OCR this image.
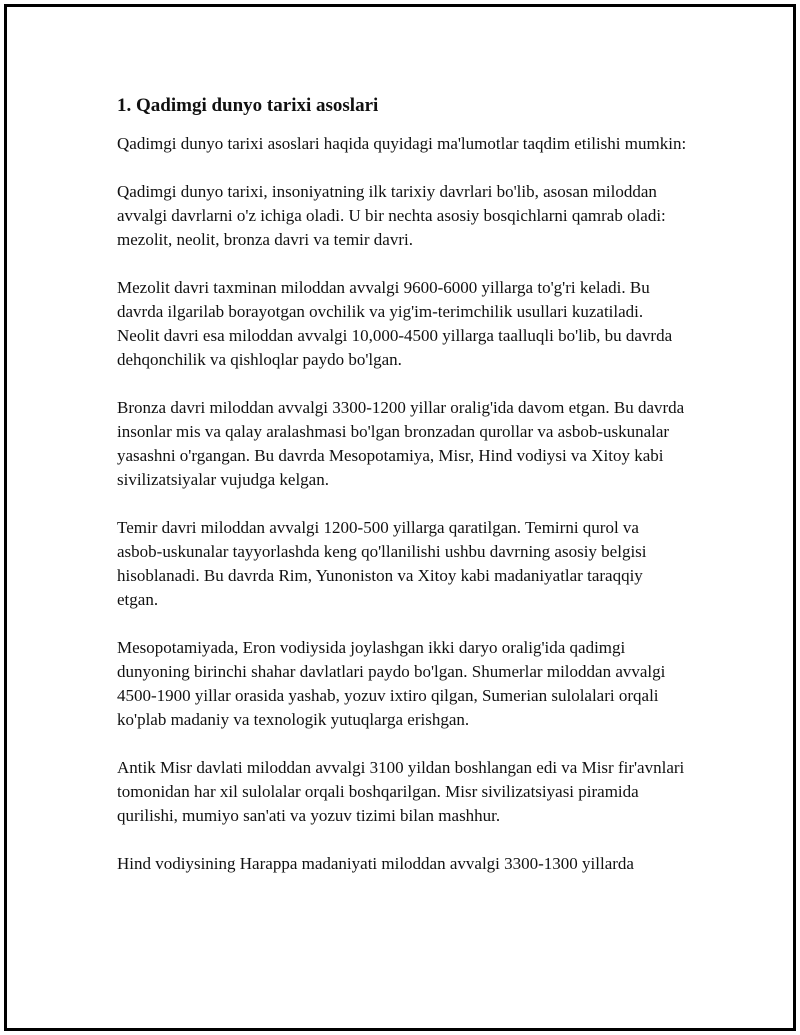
1. Qadimgi dunyo tarixi asoslari

Qadimgi dunyo tarixi asoslari haqida quyidagi ma'lumotlar taqdim etilishi mumkin:

Qadimgi dunyo tarixi, insoniyatning ilk tarixiy davrlari bo'lib, asosan miloddan avvalgi davrlarni o'z ichiga oladi. U bir nechta asosiy bosqichlarni qamrab oladi: mezolit, neolit, bronza davri va temir davri.

Mezolit davri taxminan miloddan avvalgi 9600-6000 yillarga to'g'ri keladi. Bu davrda ilgarilab borayotgan ovchilik va yig'im-terimchilik usullari kuzatiladi. Neolit davri esa miloddan avvalgi 10,000-4500 yillarga taalluqli bo'lib, bu davrda dehqonchilik va qishloqlar paydo bo'lgan.

Bronza davri miloddan avvalgi 3300-1200 yillar oralig'ida davom etgan. Bu davrda insonlar mis va qalay aralashmasi bo'lgan bronzadan qurollar va asbob-uskunalar yasashni o'rgangan. Bu davrda Mesopotamiya, Misr, Hind vodiysi va Xitoy kabi sivilizatsiyalar vujudga kelgan.

Temir davri miloddan avvalgi 1200-500 yillarga qaratilgan. Temirni qurol va asbob-uskunalar tayyorlashda keng qo'llanilishi ushbu davrning asosiy belgisi hisoblanadi. Bu davrda Rim, Yunoniston va Xitoy kabi madaniyatlar taraqqiy etgan.

Mesopotamiyada, Eron vodiysida joylashgan ikki daryo oralig'ida qadimgi dunyoning birinchi shahar davlatlari paydo bo'lgan. Shumerlar miloddan avvalgi 4500-1900 yillar orasida yashab, yozuv ixtiro qilgan, Sumerian sulolalari orqali ko'plab madaniy va texnologik yutuqlarga erishgan.

Antik Misr davlati miloddan avvalgi 3100 yildan boshlangan edi va Misr fir'avnlari tomonidan har xil sulolalar orqali boshqarilgan. Misr sivilizatsiyasi piramida qurilishi, mumiyo san'ati va yozuv tizimi bilan mashhur.

Hind vodiysining Harappa madaniyati miloddan avvalgi 3300-1300 yillarda
